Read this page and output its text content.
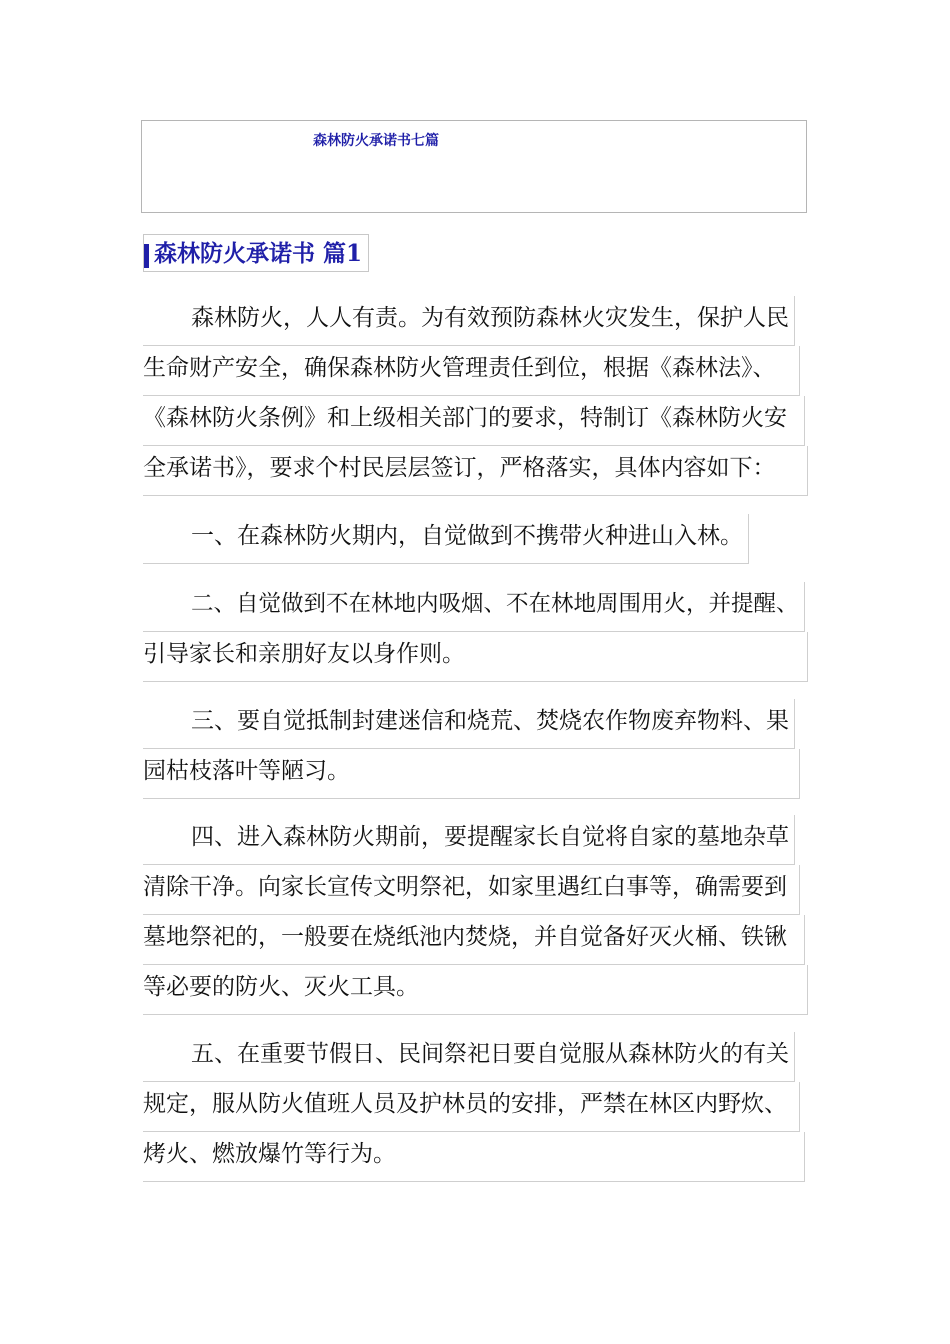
森林防火承诺书七篇
森林防火承诺书 篇1
森林防火，人人有责。为有效预防森林火灾发生，保护人民
生命财产安全，确保森林防火管理责任到位，根据《森林法》、
《森林防火条例》和上级相关部门的要求，特制订《森林防火安
全承诺书》，要求个村民层层签订，严格落实，具体内容如下：
一、在森林防火期内，自觉做到不携带火种进山入林。
二、自觉做到不在林地内吸烟、不在林地周围用火，并提醒、
引导家长和亲朋好友以身作则。
三、要自觉抵制封建迷信和烧荒、焚烧农作物废弃物料、果
园枯枝落叶等陋习。
四、进入森林防火期前，要提醒家长自觉将自家的墓地杂草
清除干净。向家长宣传文明祭祀，如家里遇红白事等，确需要到
墓地祭祀的，一般要在烧纸池内焚烧，并自觉备好灭火桶、铁锹
等必要的防火、灭火工具。
五、在重要节假日、民间祭祀日要自觉服从森林防火的有关
规定，服从防火值班人员及护林员的安排，严禁在林区内野炊、
烤火、燃放爆竹等行为。
